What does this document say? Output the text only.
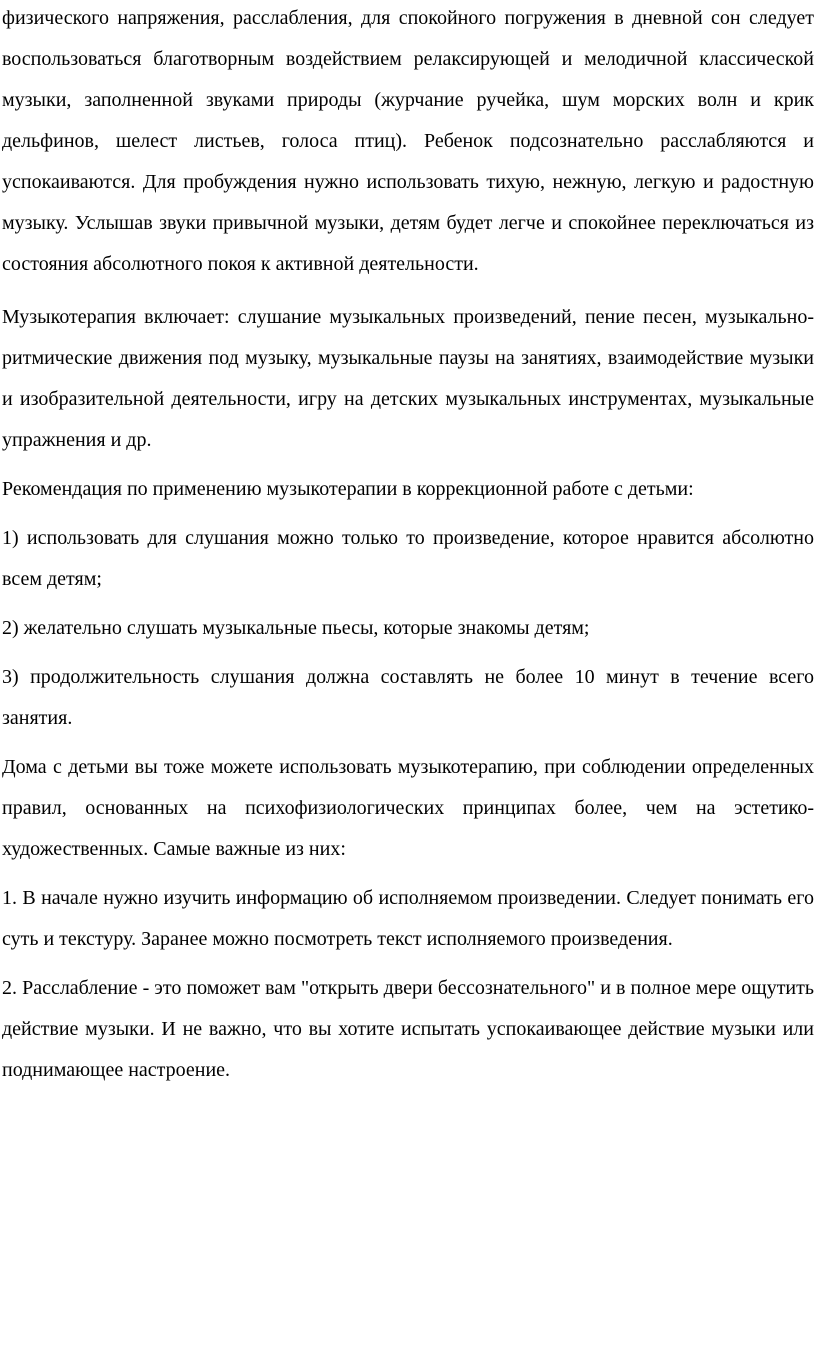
физического напряжения, расслабления, для спокойного погружения в дневной сон следует воспользоваться благотворным воздействием релаксирующей и мелодичной классической музыки, заполненной звуками природы (журчание ручейка, шум морских волн и крик дельфинов, шелест листьев, голоса птиц). Ребенок подсознательно расслабляются и успокаиваются. Для пробуждения нужно использовать тихую, нежную, легкую и радостную музыку. Услышав звуки привычной музыки, детям будет легче и спокойнее переключаться из состояния абсолютного покоя к активной деятельности.

Музыкотерапия включает: слушание музыкальных произведений, пение песен, музыкально-ритмические движения под музыку, музыкальные паузы на занятиях, взаимодействие музыки и изобразительной деятельности, игру на детских музыкальных инструментах, музыкальные упражнения и др.

Рекомендация по применению музыкотерапии в коррекционной работе с детьми:

1) использовать для слушания можно только то произведение, которое нравится абсолютно всем детям;

2) желательно слушать музыкальные пьесы, которые знакомы детям;

3) продолжительность слушания должна составлять не более 10 минут в течение всего занятия.

Дома с детьми вы тоже можете использовать музыкотерапию, при соблюдении определенных правил, основанных на психофизиологических принципах более, чем на эстетико-художественных. Самые важные из них:

1. В начале нужно изучить информацию об исполняемом произведении. Следует понимать его суть и текстуру. Заранее можно посмотреть текст исполняемого произведения.

2. Расслабление - это поможет вам "открыть двери бессознательного" и в полное мере ощутить действие музыки. И не важно, что вы хотите испытать успокаивающее действие музыки или поднимающее настроение.
